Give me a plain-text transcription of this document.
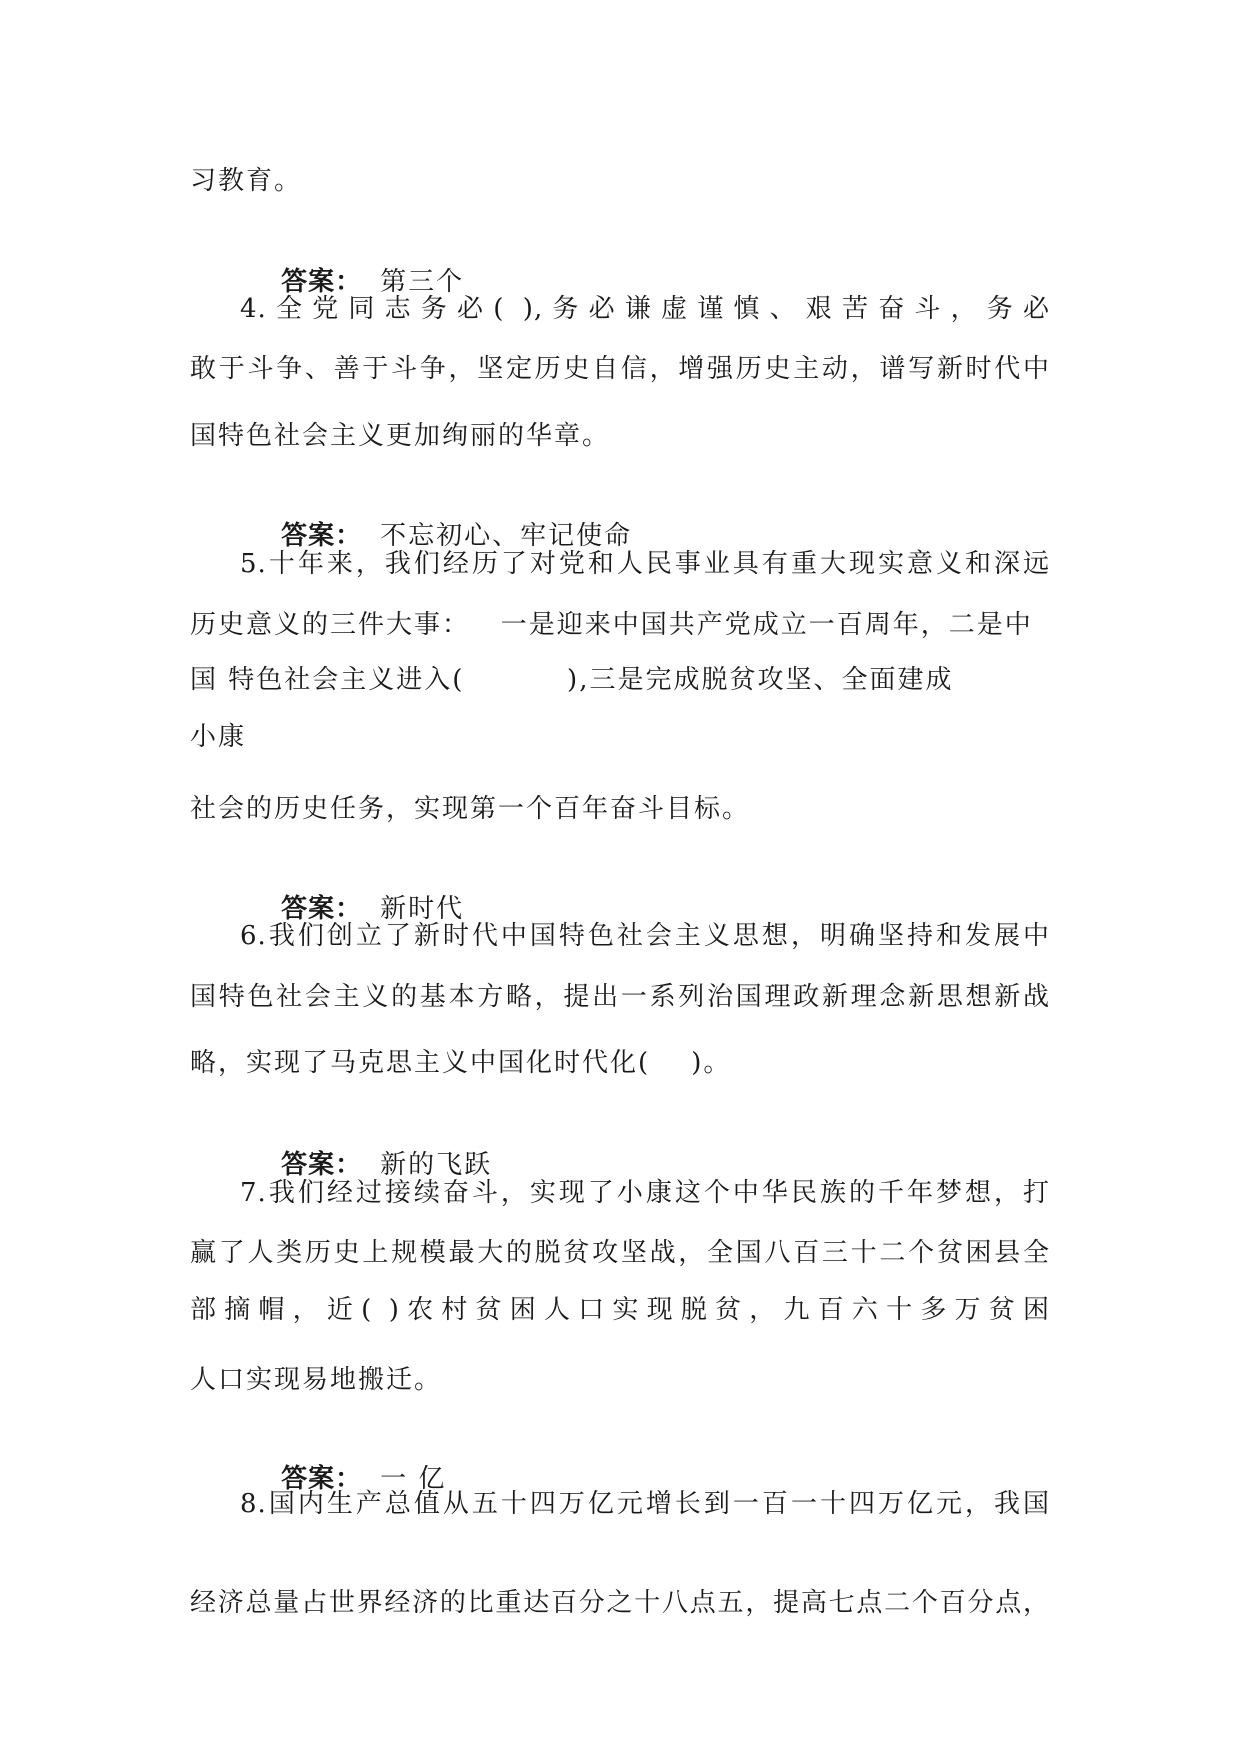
习教育。

答案： 第三个

4.全党同志务必( ),务必谦虚谨慎、艰苦奋斗，务必
敢于斗争、善于斗争，坚定历史自信，增强历史主动，谱写新时代中
国特色社会主义更加绚丽的华章。

答案： 不忘初心、牢记使命

5.十年来，我们经历了对党和人民事业具有重大现实意义和深远
历史意义的三件大事：   一是迎来中国共产党成立一百周年，二是中
国 特色社会主义进入(          ),三是完成脱贫攻坚、全面建成
小康
社会的历史任务，实现第一个百年奋斗目标。

答案： 新时代

6.我们创立了新时代中国特色社会主义思想，明确坚持和发展中
国特色社会主义的基本方略，提出一系列治国理政新理念新思想新战
略，实现了马克思主义中国化时代化(    )。

答案： 新的飞跃

7.我们经过接续奋斗，实现了小康这个中华民族的千年梦想，打
赢了人类历史上规模最大的脱贫攻坚战，全国八百三十二个贫困县全
部摘帽，近( )农村贫困人口实现脱贫，九百六十多万贫困
人口实现易地搬迁。

答案： 一 亿

8.国内生产总值从五十四万亿元增长到一百一十四万亿元，我国
经济总量占世界经济的比重达百分之十八点五，提高七点二个百分点，
